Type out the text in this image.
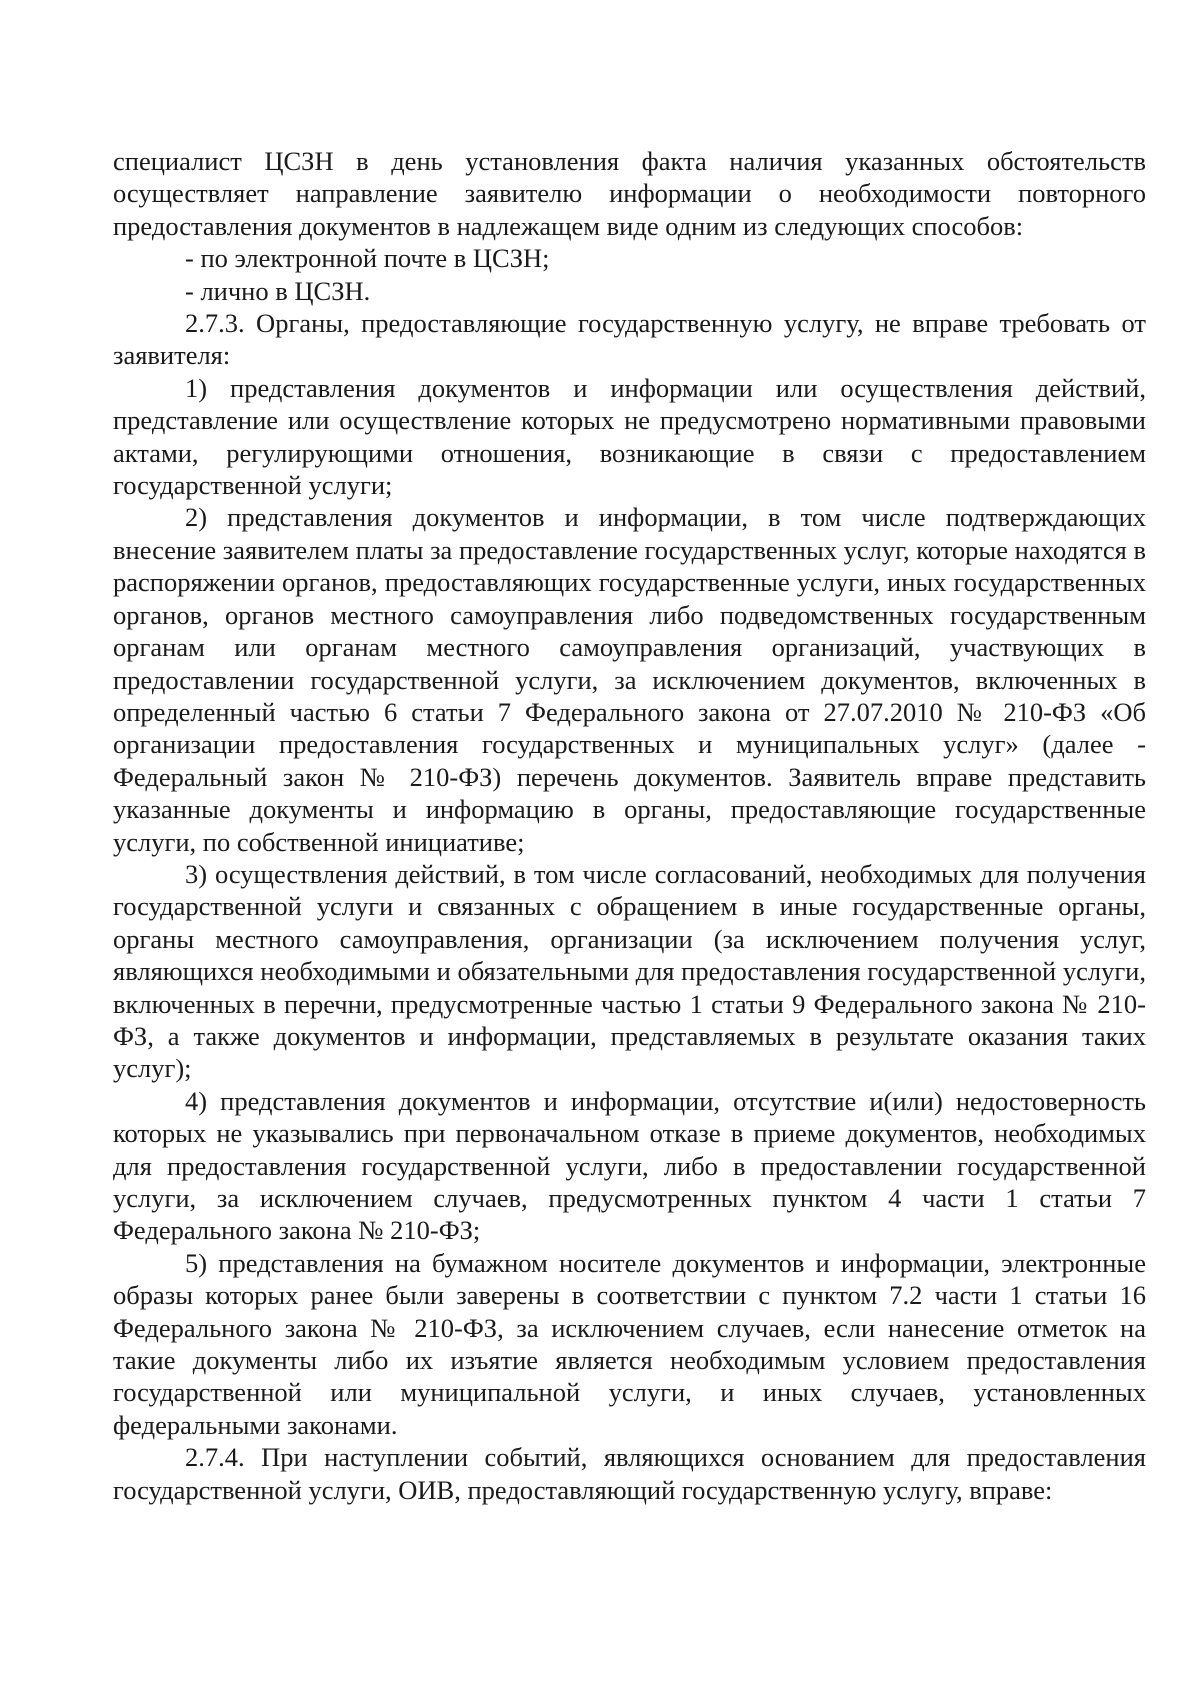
специалист ЦСЗН в день установления факта наличия указанных обстоятельств осуществляет направление заявителю информации о необходимости повторного предоставления документов в надлежащем виде одним из следующих способов:

- по электронной почте в ЦСЗН;

- лично в ЦСЗН.

2.7.3. Органы, предоставляющие государственную услугу, не вправе требовать от заявителя:

1) представления документов и информации или осуществления действий, представление или осуществление которых не предусмотрено нормативными правовыми актами, регулирующими отношения, возникающие в связи с предоставлением государственной услуги;

2) представления документов и информации, в том числе подтверждающих внесение заявителем платы за предоставление государственных услуг, которые находятся в распоряжении органов, предоставляющих государственные услуги, иных государственных органов, органов местного самоуправления либо подведомственных государственным органам или органам местного самоуправления организаций, участвующих в предоставлении государственной услуги, за исключением документов, включенных в определенный частью 6 статьи 7 Федерального закона от 27.07.2010 № 210-ФЗ «Об организации предоставления государственных и муниципальных услуг» (далее - Федеральный закон № 210-ФЗ) перечень документов. Заявитель вправе представить указанные документы и информацию в органы, предоставляющие государственные услуги, по собственной инициативе;

3) осуществления действий, в том числе согласований, необходимых для получения государственной услуги и связанных с обращением в иные государственные органы, органы местного самоуправления, организации (за исключением получения услуг, являющихся необходимыми и обязательными для предоставления государственной услуги, включенных в перечни, предусмотренные частью 1 статьи 9 Федерального закона № 210-ФЗ, а также документов и информации, представляемых в результате оказания таких услуг);

4) представления документов и информации, отсутствие и(или) недостоверность которых не указывались при первоначальном отказе в приеме документов, необходимых для предоставления государственной услуги, либо в предоставлении государственной услуги, за исключением случаев, предусмотренных пунктом 4 части 1 статьи 7 Федерального закона № 210-ФЗ;

5) представления на бумажном носителе документов и информации, электронные образы которых ранее были заверены в соответствии с пунктом 7.2 части 1 статьи 16 Федерального закона № 210-ФЗ, за исключением случаев, если нанесение отметок на такие документы либо их изъятие является необходимым условием предоставления государственной или муниципальной услуги, и иных случаев, установленных федеральными законами.

2.7.4. При наступлении событий, являющихся основанием для предоставления государственной услуги, ОИВ, предоставляющий государственную услугу, вправе:
